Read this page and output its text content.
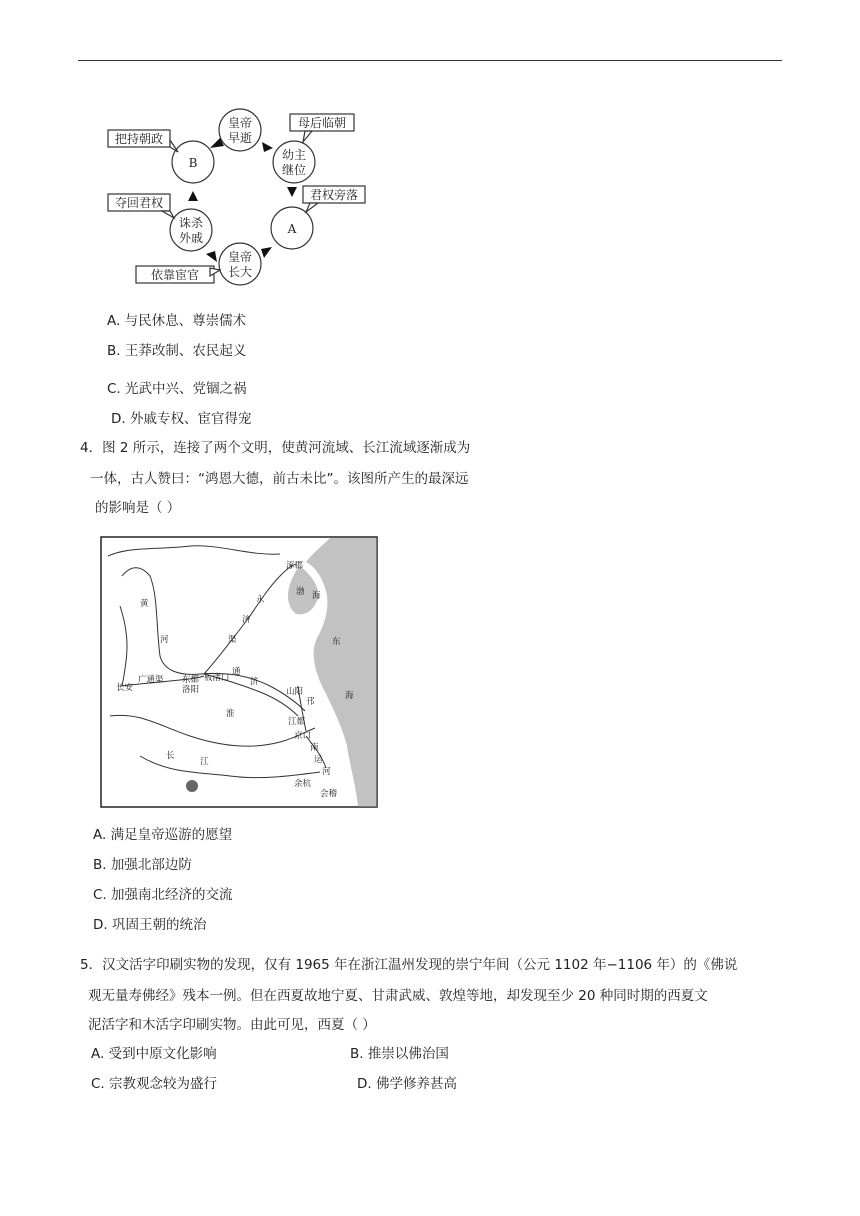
皇帝
早逝
幼主
继位
A
皇帝
长大
诛杀
外戚
B
母后临朝
君权旁落
依靠宦官
夺回君权
把持朝政
A. 与民休息、尊崇儒术
B. 王莽改制、农民起义
C. 光武中兴、党锢之祸
D. 外戚专权、宦官得宠
4．图 2 所示，连接了两个文明，使黄河流域、长江流域逐渐成为
一体，古人赞曰：“鸿恩大德，前古未比”。该图所产生的最深远
的影响是（ ）
涿郡
永
济
渠
渤 海
黄
河	东
海
长安
广通渠 东都
洛阳
板渚口
通
济
淮
山阳
邗
江都
京口
长
江
南
运
河
余杭
会稽
A. 满足皇帝巡游的愿望
B. 加强北部边防
C. 加强南北经济的交流
D. 巩固王朝的统治
5．汉文活字印刷实物的发现，仅有 1965 年在浙江温州发现的崇宁年间（公元 1102 年−1106 年）的《佛说
观无量寿佛经》残本一例。但在西夏故地宁夏、甘肃武威、敦煌等地，却发现至少 20 种同时期的西夏文
泥活字和木活字印刷实物。由此可见，西夏（ ）
A. 受到中原文化影响	B. 推崇以佛治国
C. 宗教观念较为盛行	D. 佛学修养甚高
